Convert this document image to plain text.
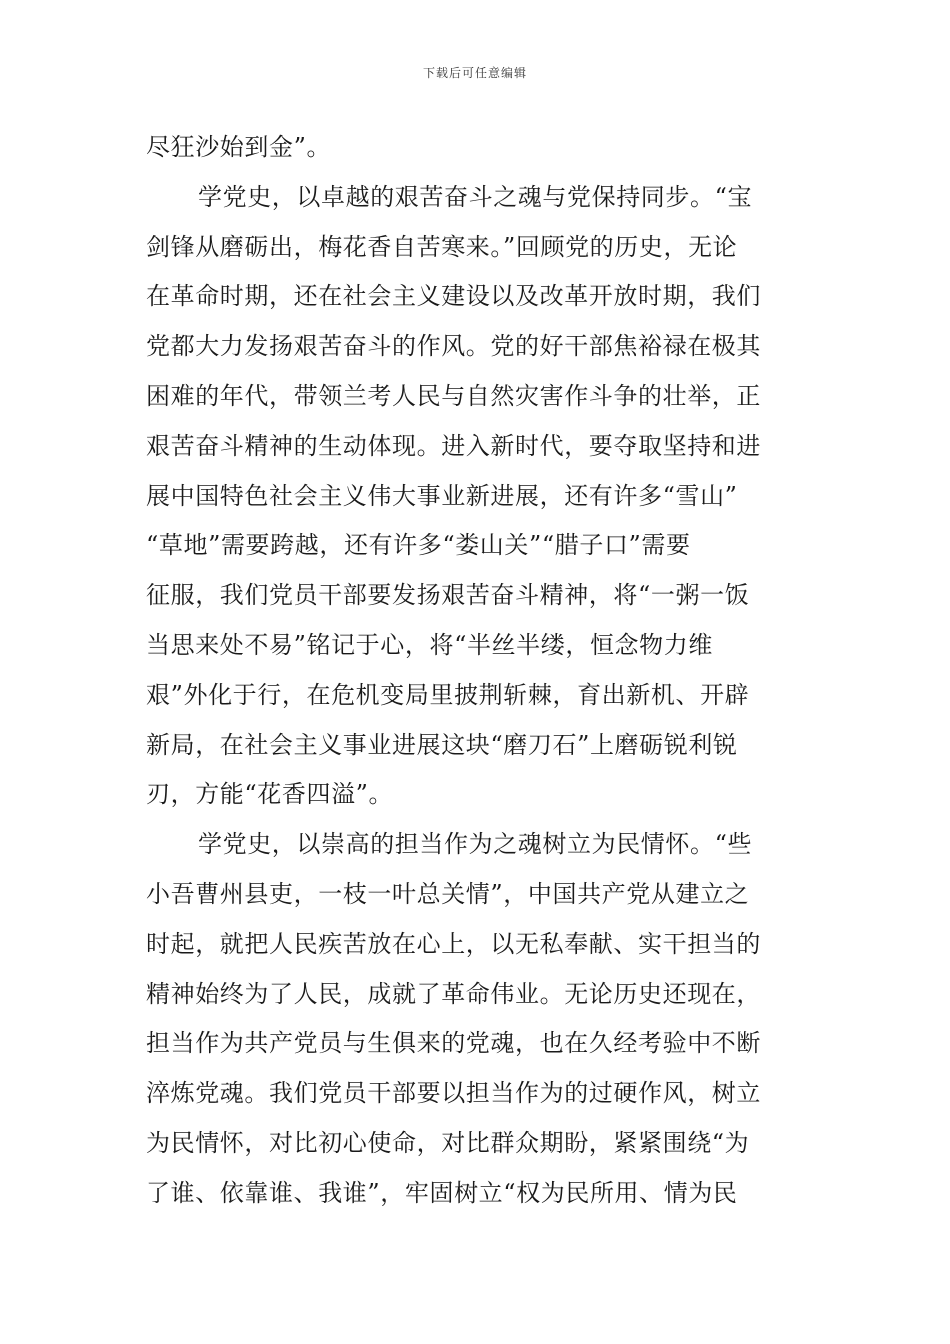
下载后可任意编辑
尽狂沙始到金”。
学党史，以卓越的艰苦奋斗之魂与党保持同步。“宝
剑锋从磨砺出，梅花香自苦寒来。”回顾党的历史，无论
在革命时期，还在社会主义建设以及改革开放时期，我们
党都大力发扬艰苦奋斗的作风。党的好干部焦裕禄在极其
困难的年代，带领兰考人民与自然灾害作斗争的壮举，正
艰苦奋斗精神的生动体现。进入新时代，要夺取坚持和进
展中国特色社会主义伟大事业新进展，还有许多“雪山”
“草地”需要跨越，还有许多“娄山关”“腊子口”需要
征服，我们党员干部要发扬艰苦奋斗精神，将“一粥一饭
当思来处不易”铭记于心，将“半丝半缕，恒念物力维
艰”外化于行，在危机变局里披荆斩棘，育出新机、开辟
新局，在社会主义事业进展这块“磨刀石”上磨砺锐利锐
刃，方能“花香四溢”。
学党史，以崇高的担当作为之魂树立为民情怀。“些
小吾曹州县吏，一枝一叶总关情”，中国共产党从建立之
时起，就把人民疾苦放在心上，以无私奉献、实干担当的
精神始终为了人民，成就了革命伟业。无论历史还现在，
担当作为共产党员与生俱来的党魂，也在久经考验中不断
淬炼党魂。我们党员干部要以担当作为的过硬作风，树立
为民情怀，对比初心使命，对比群众期盼，紧紧围绕“为
了谁、依靠谁、我谁”，牢固树立“权为民所用、情为民
